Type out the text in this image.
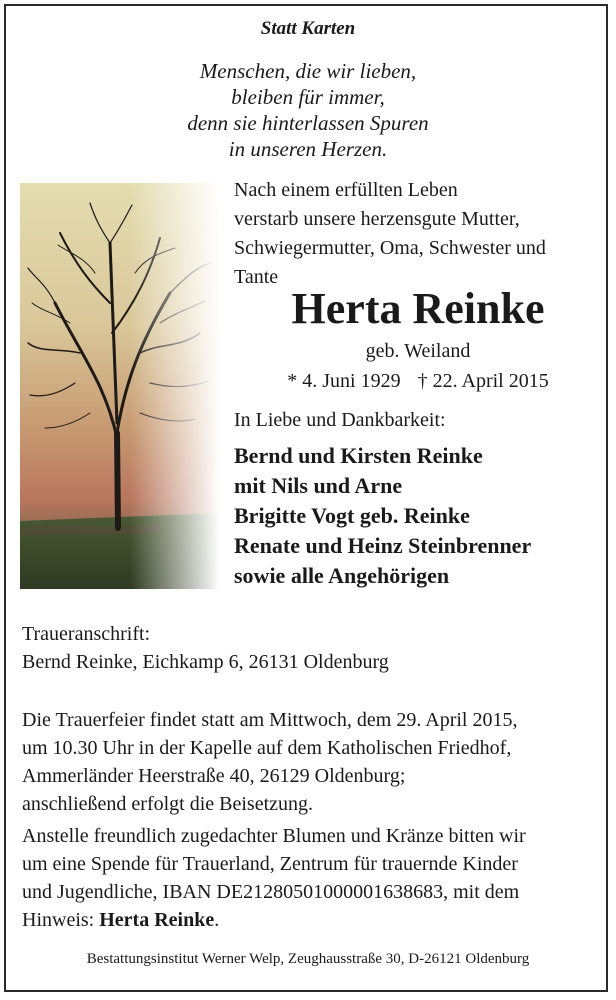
Statt Karten

Menschen, die wir lieben,
bleiben für immer,
denn sie hinterlassen Spuren
in unseren Herzen.
Nach einem erfüllten Leben
verstarb unsere herzensgute Mutter,
Schwiegermutter, Oma, Schwester und
Tante

Herta Reinke

geb. Weiland

* 4. Juni 1929 † 22. April 2015

In Liebe und Dankbarkeit:

Bernd und Kirsten Reinke
mit Nils und Arne
Brigitte Vogt geb. Reinke
Renate und Heinz Steinbrenner
sowie alle Angehörigen

Traueranschrift:

Bernd Reinke, Eichkamp 6, 26131 Oldenburg

Die Trauerfeier findet statt am Mittwoch, dem 29. April 2015,
um 10.30 Uhr in der Kapelle auf dem Katholischen Friedhof,
Ammerländer Heerstraße 40, 26129 Oldenburg;
anschließend erfolgt die Beisetzung.
Anstelle freundlich zugedachter Blumen und Kränze bitten wir
um eine Spende für Trauerland, Zentrum für trauernde Kinder
und Jugendliche, IBAN DE21280501000001638683, mit dem
Hinweis: Herta Reinke.

Bestattungsinstitut Werner Welp, Zeughausstraße 30, D-26121 Oldenburg
